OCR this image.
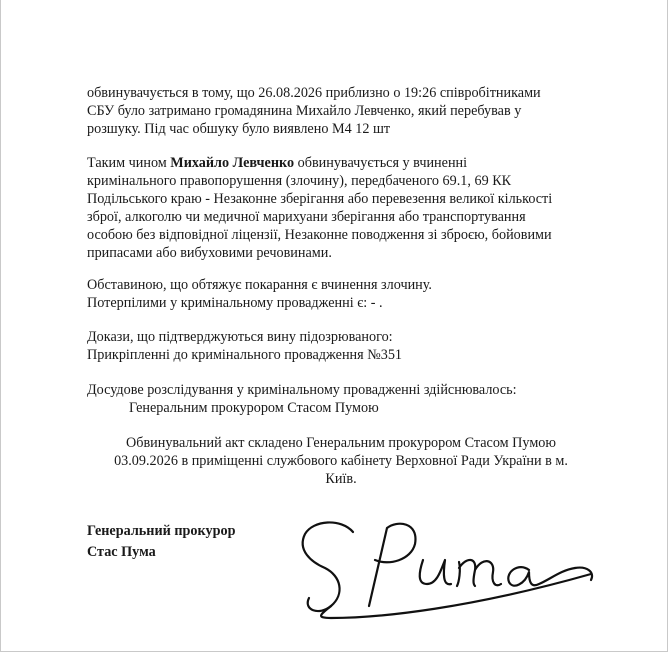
обвинувачується в тому, що 26.08.2026 приблизно о 19:26 співробітниками
СБУ було затримано громадянина Михайло Левченко, який перебував у
розшуку. Під час обшуку було виявлено М4 12 шт
Таким чином Михайло Левченко обвинувачується у вчиненні
кримінального правопорушення (злочину), передбаченого 69.1, 69 КК
Подільського краю - Незаконне зберігання або перевезення великої кількості
зброї, алкоголю чи медичної марихуани зберігання або транспортування
особою без відповідної ліцензії, Незаконне поводження зі зброєю, бойовими
припасами або вибуховими речовинами.
Обставиною, що обтяжує покарання є вчинення злочину.
Потерпілими у кримінальному провадженні є: - .
Докази, що підтверджуються вину підозрюваного:
Прикріпленні до кримінального провадження №351
Досудове розслідування у кримінальному провадженні здійснювалось:
Генеральним прокурором Стасом Пумою
Обвинувальний акт складено Генеральним прокурором Стасом Пумою
03.09.2026 в приміщенні службового кабінету Верховної Ради України в м.
Київ.
Генеральний прокурор
Стас Пума
